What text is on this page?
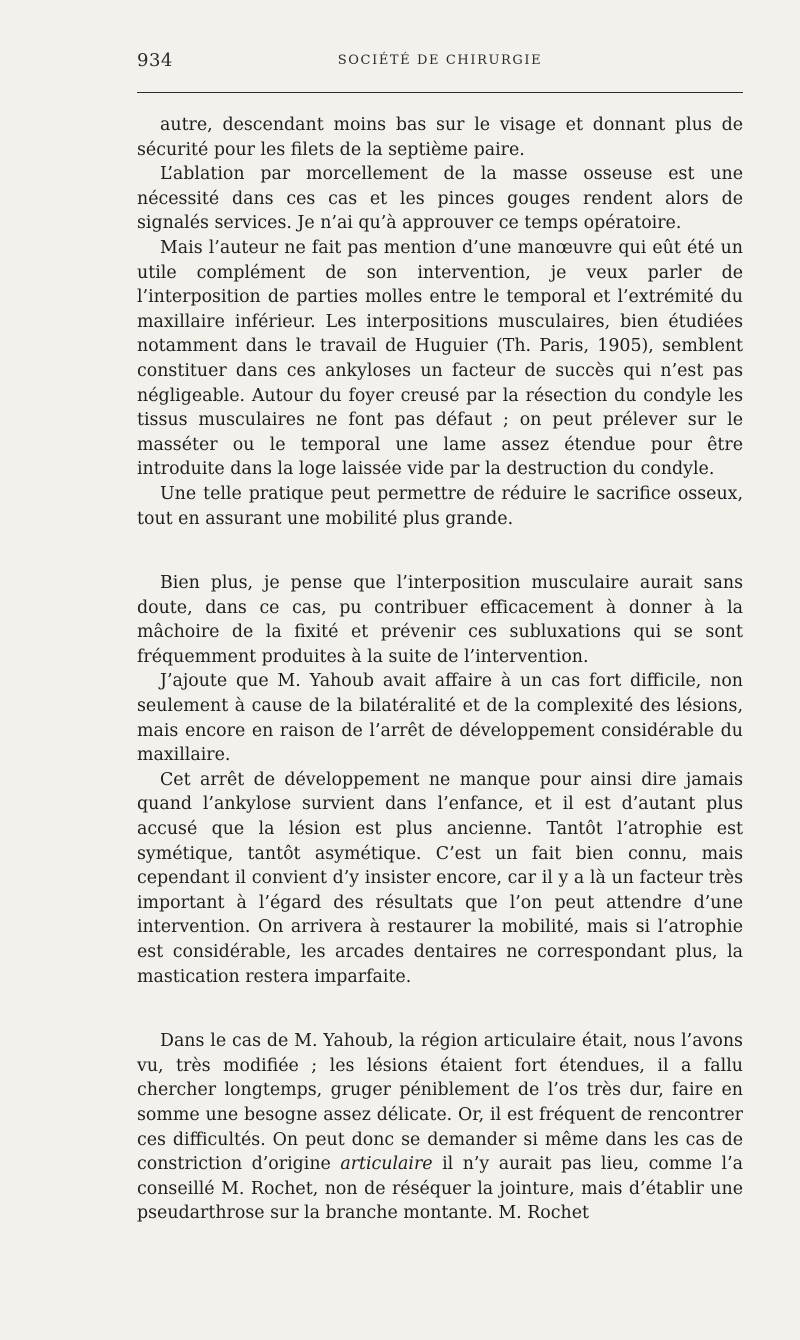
934	SOCIÉTÉ DE CHIRURGIE

autre, descendant moins bas sur le visage et donnant plus de sécurité pour les filets de la septième paire.

L’ablation par morcellement de la masse osseuse est une nécessité dans ces cas et les pinces gouges rendent alors de signalés services. Je n’ai qu’à approuver ce temps opératoire.

Mais l’auteur ne fait pas mention d’une manœuvre qui eût été un utile complément de son intervention, je veux parler de l’interposition de parties molles entre le temporal et l’extrémité du maxillaire inférieur. Les interpositions musculaires, bien étudiées notamment dans le travail de Huguier (Th. Paris, 1905), semblent constituer dans ces ankyloses un facteur de succès qui n’est pas négligeable. Autour du foyer creusé par la résection du condyle les tissus musculaires ne font pas défaut ; on peut prélever sur le masséter ou le temporal une lame assez étendue pour être introduite dans la loge laissée vide par la destruction du condyle.

Une telle pratique peut permettre de réduire le sacrifice osseux, tout en assurant une mobilité plus grande.

Bien plus, je pense que l’interposition musculaire aurait sans doute, dans ce cas, pu contribuer efficacement à donner à la mâchoire de la fixité et prévenir ces subluxations qui se sont fréquemment produites à la suite de l’intervention.

J’ajoute que M. Yahoub avait affaire à un cas fort difficile, non seulement à cause de la bilatéralité et de la complexité des lésions, mais encore en raison de l’arrêt de développement considérable du maxillaire.

Cet arrêt de développement ne manque pour ainsi dire jamais quand l’ankylose survient dans l’enfance, et il est d’autant plus accusé que la lésion est plus ancienne. Tantôt l’atrophie est symétique, tantôt asymétique. C’est un fait bien connu, mais cependant il convient d’y insister encore, car il y a là un facteur très important à l’égard des résultats que l’on peut attendre d’une intervention. On arrivera à restaurer la mobilité, mais si l’atrophie est considérable, les arcades dentaires ne correspondant plus, la mastication restera imparfaite.

Dans le cas de M. Yahoub, la région articulaire était, nous l’avons vu, très modifiée ; les lésions étaient fort étendues, il a fallu chercher longtemps, gruger péniblement de l’os très dur, faire en somme une besogne assez délicate. Or, il est fréquent de rencontrer ces difficultés. On peut donc se demander si même dans les cas de constriction d’origine articulaire il n’y aurait pas lieu, comme l’a conseillé M. Rochet, non de réséquer la jointure, mais d’établir une pseudarthrose sur la branche montante. M. Rochet
